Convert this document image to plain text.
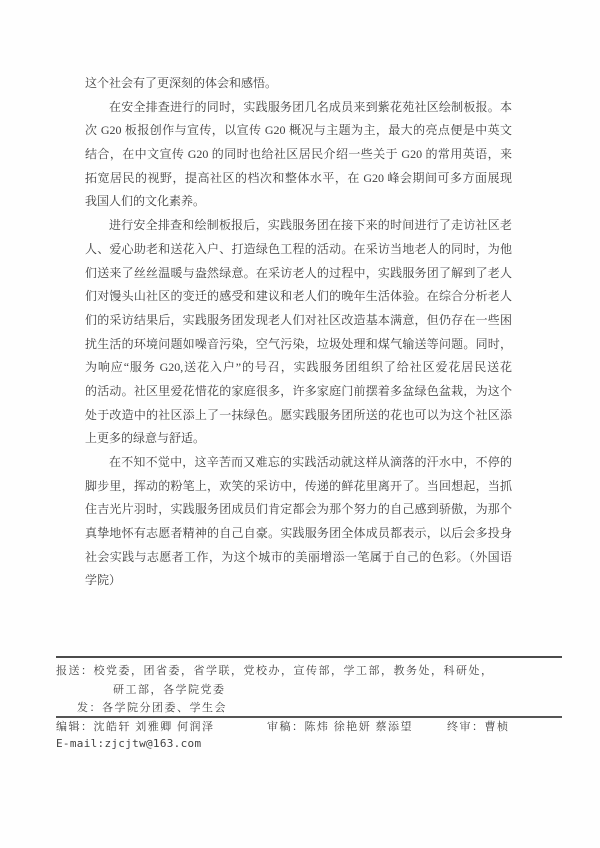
这个社会有了更深刻的体会和感悟。
在安全排查进行的同时，实践服务团几名成员来到紫花苑社区绘制板报。本
次 G20 板报创作与宣传，以宣传 G20 概况与主题为主，最大的亮点便是中英文
结合，在中文宣传 G20 的同时也给社区居民介绍一些关于 G20 的常用英语，来
拓宽居民的视野，提高社区的档次和整体水平，在 G20 峰会期间可多方面展现
我国人们的文化素养。
进行安全排查和绘制板报后，实践服务团在接下来的时间进行了走访社区老
人、爱心助老和送花入户、打造绿色工程的活动。在采访当地老人的同时，为他
们送来了丝丝温暖与盎然绿意。在采访老人的过程中，实践服务团了解到了老人
们对馒头山社区的变迁的感受和建议和老人们的晚年生活体验。在综合分析老人
们的采访结果后，实践服务团发现老人们对社区改造基本满意，但仍存在一些困
扰生活的环境问题如噪音污染，空气污染，垃圾处理和煤气输送等问题。同时，
为响应“服务 G20,送花入户”的号召，实践服务团组织了给社区爱花居民送花
的活动。社区里爱花惜花的家庭很多，许多家庭门前摆着多盆绿色盆栽，为这个
处于改造中的社区添上了一抹绿色。愿实践服务团所送的花也可以为这个社区添
上更多的绿意与舒适。
在不知不觉中，这辛苦而又难忘的实践活动就这样从滴落的汗水中，不停的
脚步里，挥动的粉笔上，欢笑的采访中，传递的鲜花里离开了。当回想起，当抓
住吉光片羽时，实践服务团成员们肯定都会为那个努力的自己感到骄傲，为那个
真挚地怀有志愿者精神的自己自豪。实践服务团全体成员都表示，以后会多投身
社会实践与志愿者工作，为这个城市的美丽增添一笔属于自己的色彩。（外国语
学院）
报送：校党委，团省委，省学联，党校办，宣传部，学工部，教务处，科研处，
研工部，各学院党委
发：各学院分团委、学生会
编辑：沈皓轩 刘雅卿 何润泽	审稿：陈炜 徐艳妍 蔡添望	终审：曹桢
E-mail:zjcjtw@163.com
